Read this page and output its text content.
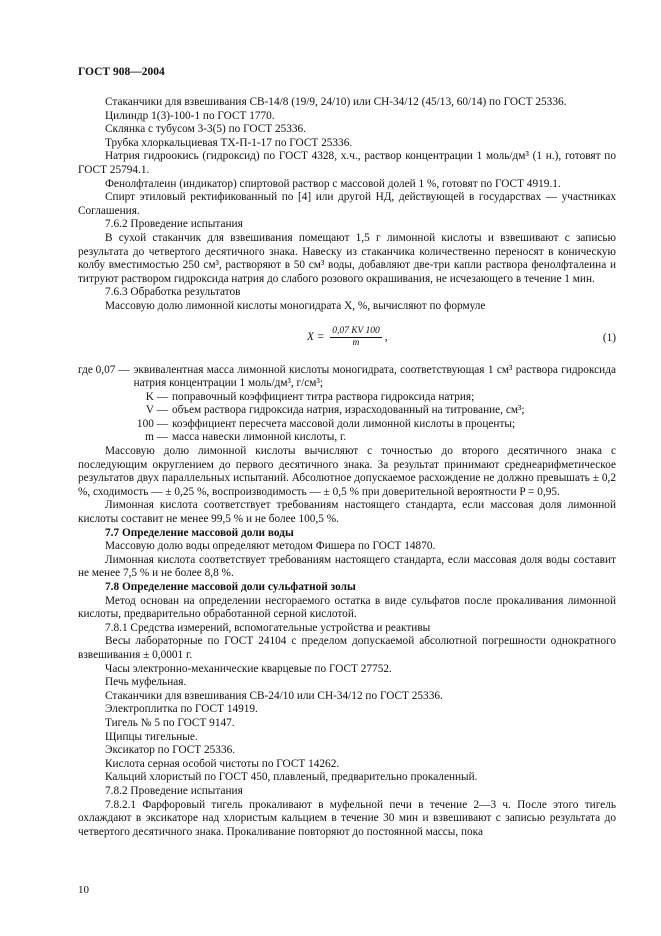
ГОСТ 908—2004

Стаканчики для взвешивания СВ-14/8 (19/9, 24/10) или СН-34/12 (45/13, 60/14) по ГОСТ 25336.

Цилиндр 1(3)-100-1 по ГОСТ 1770.

Склянка с тубусом 3-3(5) по ГОСТ 25336.

Трубка хлоркальциевая ТХ-П-1-17 по ГОСТ 25336.

Натрия гидроокись (гидроксид) по ГОСТ 4328, х.ч., раствор концентрации 1 моль/дм³ (1 н.), готовят по ГОСТ 25794.1.

Фенолфталеин (индикатор) спиртовой раствор с массовой долей 1 %, готовят по ГОСТ 4919.1.

Спирт этиловый ректификованный по [4] или другой НД, действующей в государствах — участниках Соглашения.

7.6.2 Проведение испытания

В сухой стаканчик для взвешивания помещают 1,5 г лимонной кислоты и взвешивают с записью результата до четвертого десятичного знака. Навеску из стаканчика количественно переносят в коническую колбу вместимостью 250 см³, растворяют в 50 см³ воды, добавляют две-три капли раствора фенолфталеина и титруют раствором гидроксида натрия до слабого розового окрашивания, не исчезающего в течение 1 мин.

7.6.3 Обработка результатов

Массовую долю лимонной кислоты моногидрата X, %, вычисляют по формуле

$X = \frac{0,07 KV 100}{m}$ ,	(1)
где 0,07 — эквивалентная масса лимонной кислоты моногидрата, соответствующая 1 см³ раствора гидроксида натрия концентрации 1 моль/дм³, г/см³;
K — поправочный коэффициент титра раствора гидроксида натрия;
V — объем раствора гидроксида натрия, израсходованный на титрование, см³;
100 — коэффициент пересчета массовой доли лимонной кислоты в проценты;
m — масса навески лимонной кислоты, г.

Массовую долю лимонной кислоты вычисляют с точностью до второго десятичного знака с последующим округлением до первого десятичного знака. За результат принимают среднеарифметическое результатов двух параллельных испытаний. Абсолютное допускаемое расхождение не должно превышать ± 0,2 %, сходимость — ± 0,25 %, воспроизводимость — ± 0,5 % при доверительной вероятности P = 0,95.

Лимонная кислота соответствует требованиям настоящего стандарта, если массовая доля лимонной кислоты составит не менее 99,5 % и не более 100,5 %.

7.7 Определение массовой доли воды

Массовую долю воды определяют методом Фишера по ГОСТ 14870.

Лимонная кислота соответствует требованиям настоящего стандарта, если массовая доля воды составит не менее 7,5 % и не более 8,8 %.

7.8 Определение массовой доли сульфатной золы

Метод основан на определении несгораемого остатка в виде сульфатов после прокаливания лимонной кислоты, предварительно обработанной серной кислотой.

7.8.1 Средства измерений, вспомогательные устройства и реактивы

Весы лабораторные по ГОСТ 24104 с пределом допускаемой абсолютной погрешности однократного взвешивания ± 0,0001 г.

Часы электронно-механические кварцевые по ГОСТ 27752.

Печь муфельная.

Стаканчики для взвешивания СВ-24/10 или СН-34/12 по ГОСТ 25336.

Электроплитка по ГОСТ 14919.

Тигель № 5 по ГОСТ 9147.

Щипцы тигельные.

Эксикатор по ГОСТ 25336.

Кислота серная особой чистоты по ГОСТ 14262.

Кальций хлористый по ГОСТ 450, плавленый, предварительно прокаленный.

7.8.2 Проведение испытания

7.8.2.1 Фарфоровый тигель прокаливают в муфельной печи в течение 2—3 ч. После этого тигель охлаждают в эксикаторе над хлористым кальцием в течение 30 мин и взвешивают с записью результата до четвертого десятичного знака. Прокаливание повторяют до постоянной массы, пока

10
